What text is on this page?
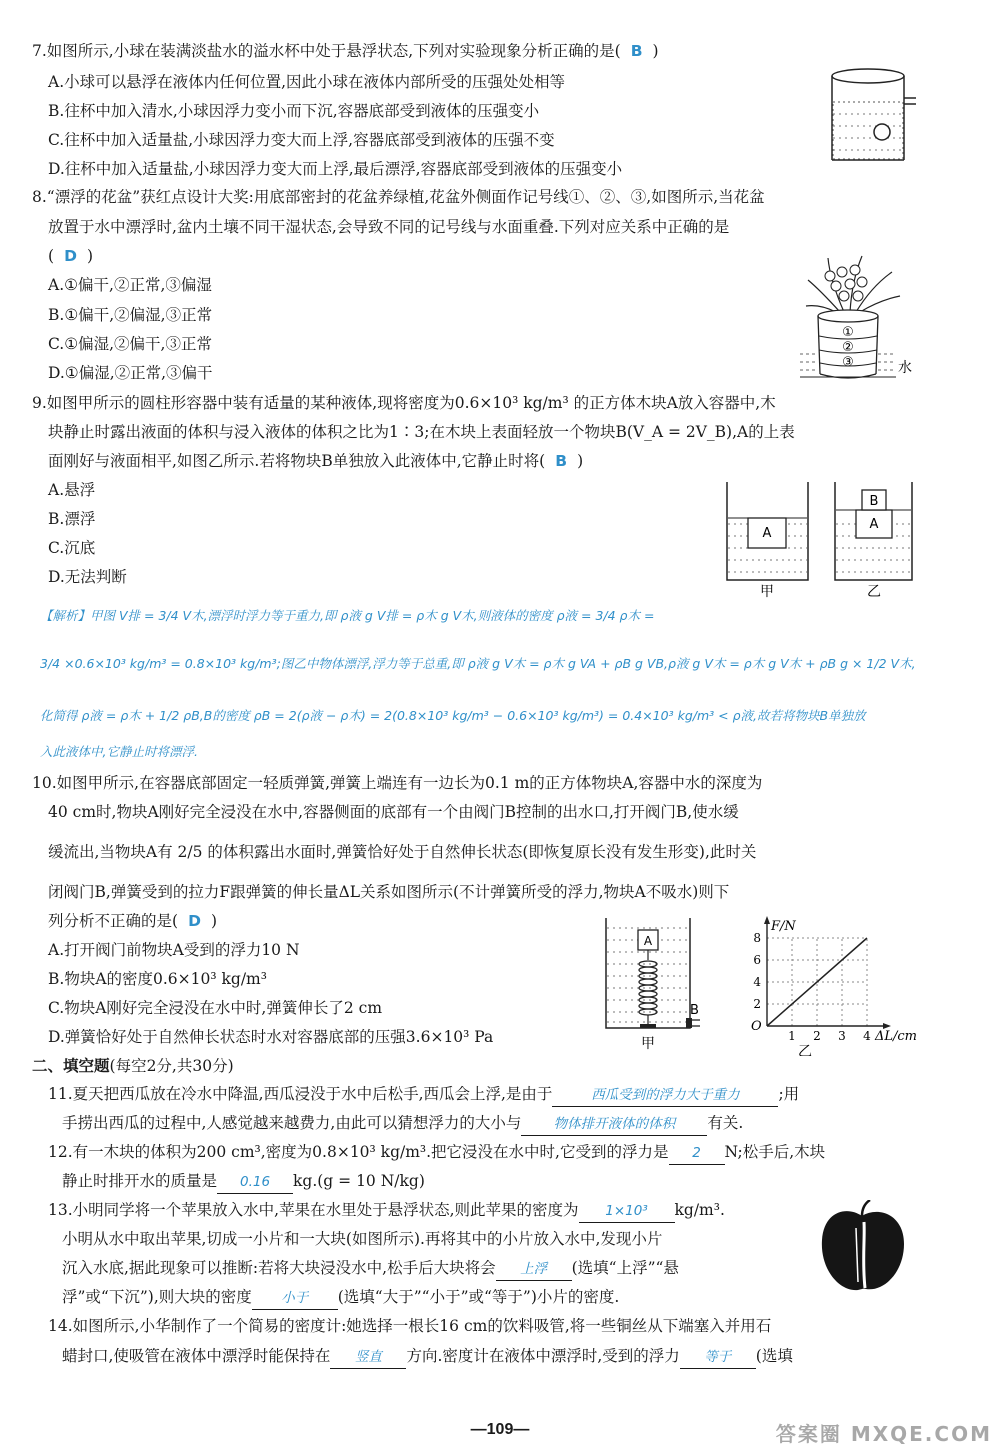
7.如图所示,小球在装满淡盐水的溢水杯中处于悬浮状态,下列对实验现象分析正确的是( B )
A.小球可以悬浮在液体内任何位置,因此小球在液体内部所受的压强处处相等
B.往杯中加入清水,小球因浮力变小而下沉,容器底部受到液体的压强变小
C.往杯中加入适量盐,小球因浮力变大而上浮,容器底部受到液体的压强不变
D.往杯中加入适量盐,小球因浮力变大而上浮,最后漂浮,容器底部受到液体的压强变小
8.“漂浮的花盆”获红点设计大奖:用底部密封的花盆养绿植,花盆外侧面作记号线①、②、③,如图所示,当花盆
放置于水中漂浮时,盆内土壤不同干湿状态,会导致不同的记号线与水面重叠.下列对应关系中正确的是
( D )
A.①偏干,②正常,③偏湿
B.①偏干,②偏湿,③正常
C.①偏湿,②偏干,③正常
D.①偏湿,②正常,③偏干
①
②
③	水
9.如图甲所示的圆柱形容器中装有适量的某种液体,现将密度为0.6×10³ kg/m³ 的正方体木块A放入容器中,木
块静止时露出液面的体积与浸入液体的体积之比为1∶3;在木块上表面轻放一个物块B(V_A = 2V_B),A的上表
面刚好与液面相平,如图乙所示.若将物块B单独放入此液体中,它静止时将( B )
A.悬浮
B.漂浮
C.沉底
D.无法判断
A
甲
B
A
乙
【解析】甲图 V排 = 3/4 V木,漂浮时浮力等于重力,即 ρ液 g V排 = ρ木 g V木,则液体的密度 ρ液 = 3/4 ρ木 =
3/4 ×0.6×10³ kg/m³ = 0.8×10³ kg/m³;图乙中物体漂浮,浮力等于总重,即 ρ液 g V木 = ρ木 g VA + ρB g VB,ρ液 g V木 = ρ木 g V木 + ρB g × 1/2 V木,
化简得 ρ液 = ρ木 + 1/2 ρB,B的密度 ρB = 2(ρ液 − ρ木) = 2(0.8×10³ kg/m³ − 0.6×10³ kg/m³) = 0.4×10³ kg/m³ < ρ液,故若将物块B单独放
入此液体中,它静止时将漂浮.
10.如图甲所示,在容器底部固定一轻质弹簧,弹簧上端连有一边长为0.1 m的正方体物块A,容器中水的深度为
40 cm时,物块A刚好完全浸没在水中,容器侧面的底部有一个由阀门B控制的出水口,打开阀门B,使水缓
缓流出,当物块A有 2/5 的体积露出水面时,弹簧恰好处于自然伸长状态(即恢复原长没有发生形变),此时关
闭阀门B,弹簧受到的拉力F跟弹簧的伸长量ΔL关系如图所示(不计弹簧所受的浮力,物块A不吸水)则下
列分析不正确的是( D )
A.打开阀门前物块A受到的浮力10 N
B.物块A的密度0.6×10³ kg/m³
C.物块A刚好完全浸没在水中时,弹簧伸长了2 cm
D.弹簧恰好处于自然伸长状态时水对容器底部的压强3.6×10³ Pa
A
B
甲	1 2 3 4
2
4
6
8
ΔL/cm
F/N
O
乙
二、填空题(每空2分,共30分)
11.夏天把西瓜放在冷水中降温,西瓜浸没于水中后松手,西瓜会上浮,是由于	西瓜受到的浮力大于重力	;用
手捞出西瓜的过程中,人感觉越来越费力,由此可以猜想浮力的大小与 物体排开液体的体积 有关.
12.有一木块的体积为200 cm³,密度为0.8×10³ kg/m³.把它浸没在水中时,它受到的浮力是 2 N;松手后,木块
静止时排开水的质量是 0.16 kg.(g = 10 N/kg)
13.小明同学将一个苹果放入水中,苹果在水里处于悬浮状态,则此苹果的密度为 1×10³ kg/m³.
小明从水中取出苹果,切成一小片和一大块(如图所示).再将其中的小片放入水中,发现小片
沉入水底,据此现象可以推断:若将大块浸没水中,松手后大块将会 上浮 (选填“上浮”“悬
浮”或“下沉”),则大块的密度 小于 (选填“大于”“小于”或“等于”)小片的密度.
14.如图所示,小华制作了一个简易的密度计:她选择一根长16 cm的饮料吸管,将一些铜丝从下端塞入并用石
蜡封口,使吸管在液体中漂浮时能保持在 竖直 方向.密度计在液体中漂浮时,受到的浮力 等于 (选填
—109—	答案圈 MXQE.COM
